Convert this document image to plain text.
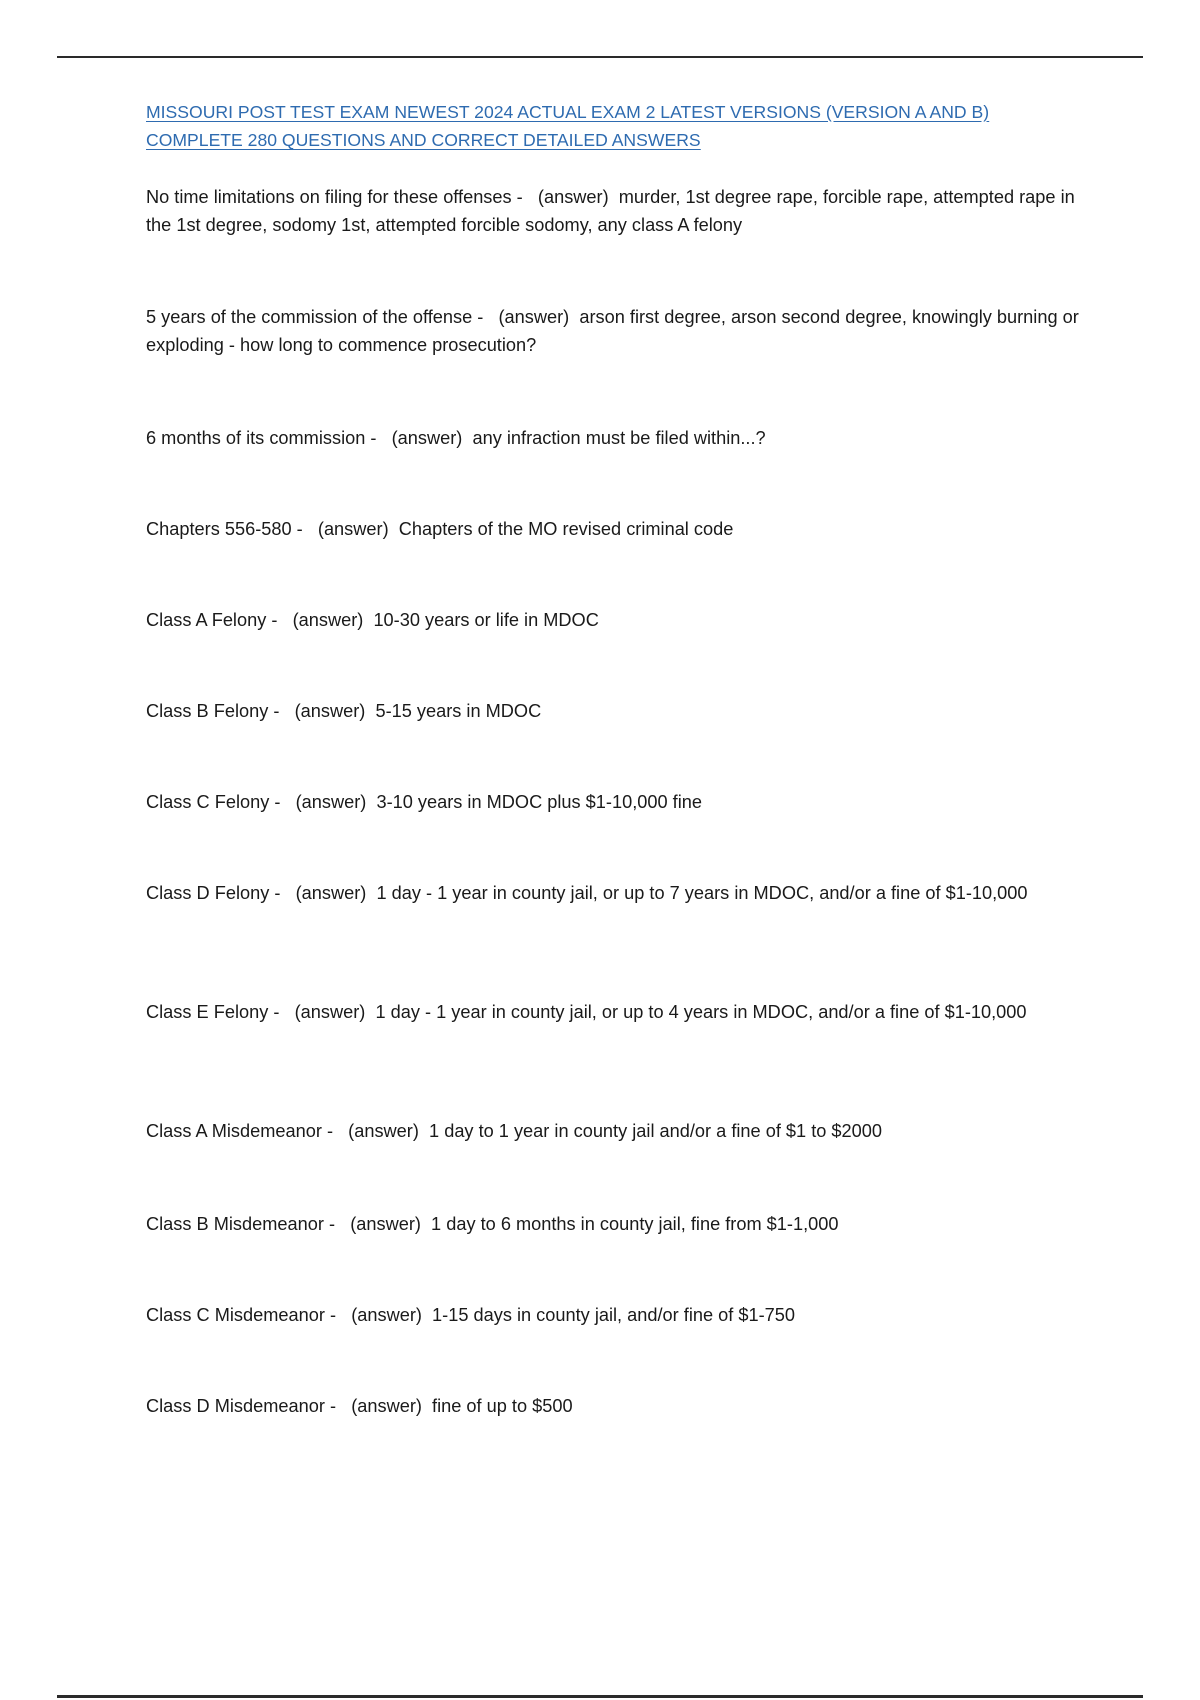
MISSOURI POST TEST EXAM NEWEST 2024 ACTUAL EXAM 2 LATEST VERSIONS (VERSION A AND B)
COMPLETE 280 QUESTIONS AND CORRECT DETAILED ANSWERS

No time limitations on filing for these offenses - (answer) murder, 1st degree rape, forcible rape, attempted rape in the 1st degree, sodomy 1st, attempted forcible sodomy, any class A felony

5 years of the commission of the offense - (answer) arson first degree, arson second degree, knowingly burning or exploding - how long to commence prosecution?

6 months of its commission - (answer) any infraction must be filed within...?

Chapters 556-580 - (answer) Chapters of the MO revised criminal code

Class A Felony - (answer) 10-30 years or life in MDOC

Class B Felony - (answer) 5-15 years in MDOC

Class C Felony - (answer) 3-10 years in MDOC plus $1-10,000 fine

Class D Felony - (answer) 1 day - 1 year in county jail, or up to 7 years in MDOC, and/or a fine of $1-10,000

Class E Felony - (answer) 1 day - 1 year in county jail, or up to 4 years in MDOC, and/or a fine of $1-10,000

Class A Misdemeanor - (answer) 1 day to 1 year in county jail and/or a fine of $1 to $2000

Class B Misdemeanor - (answer) 1 day to 6 months in county jail, fine from $1-1,000

Class C Misdemeanor - (answer) 1-15 days in county jail, and/or fine of $1-750

Class D Misdemeanor - (answer) fine of up to $500
